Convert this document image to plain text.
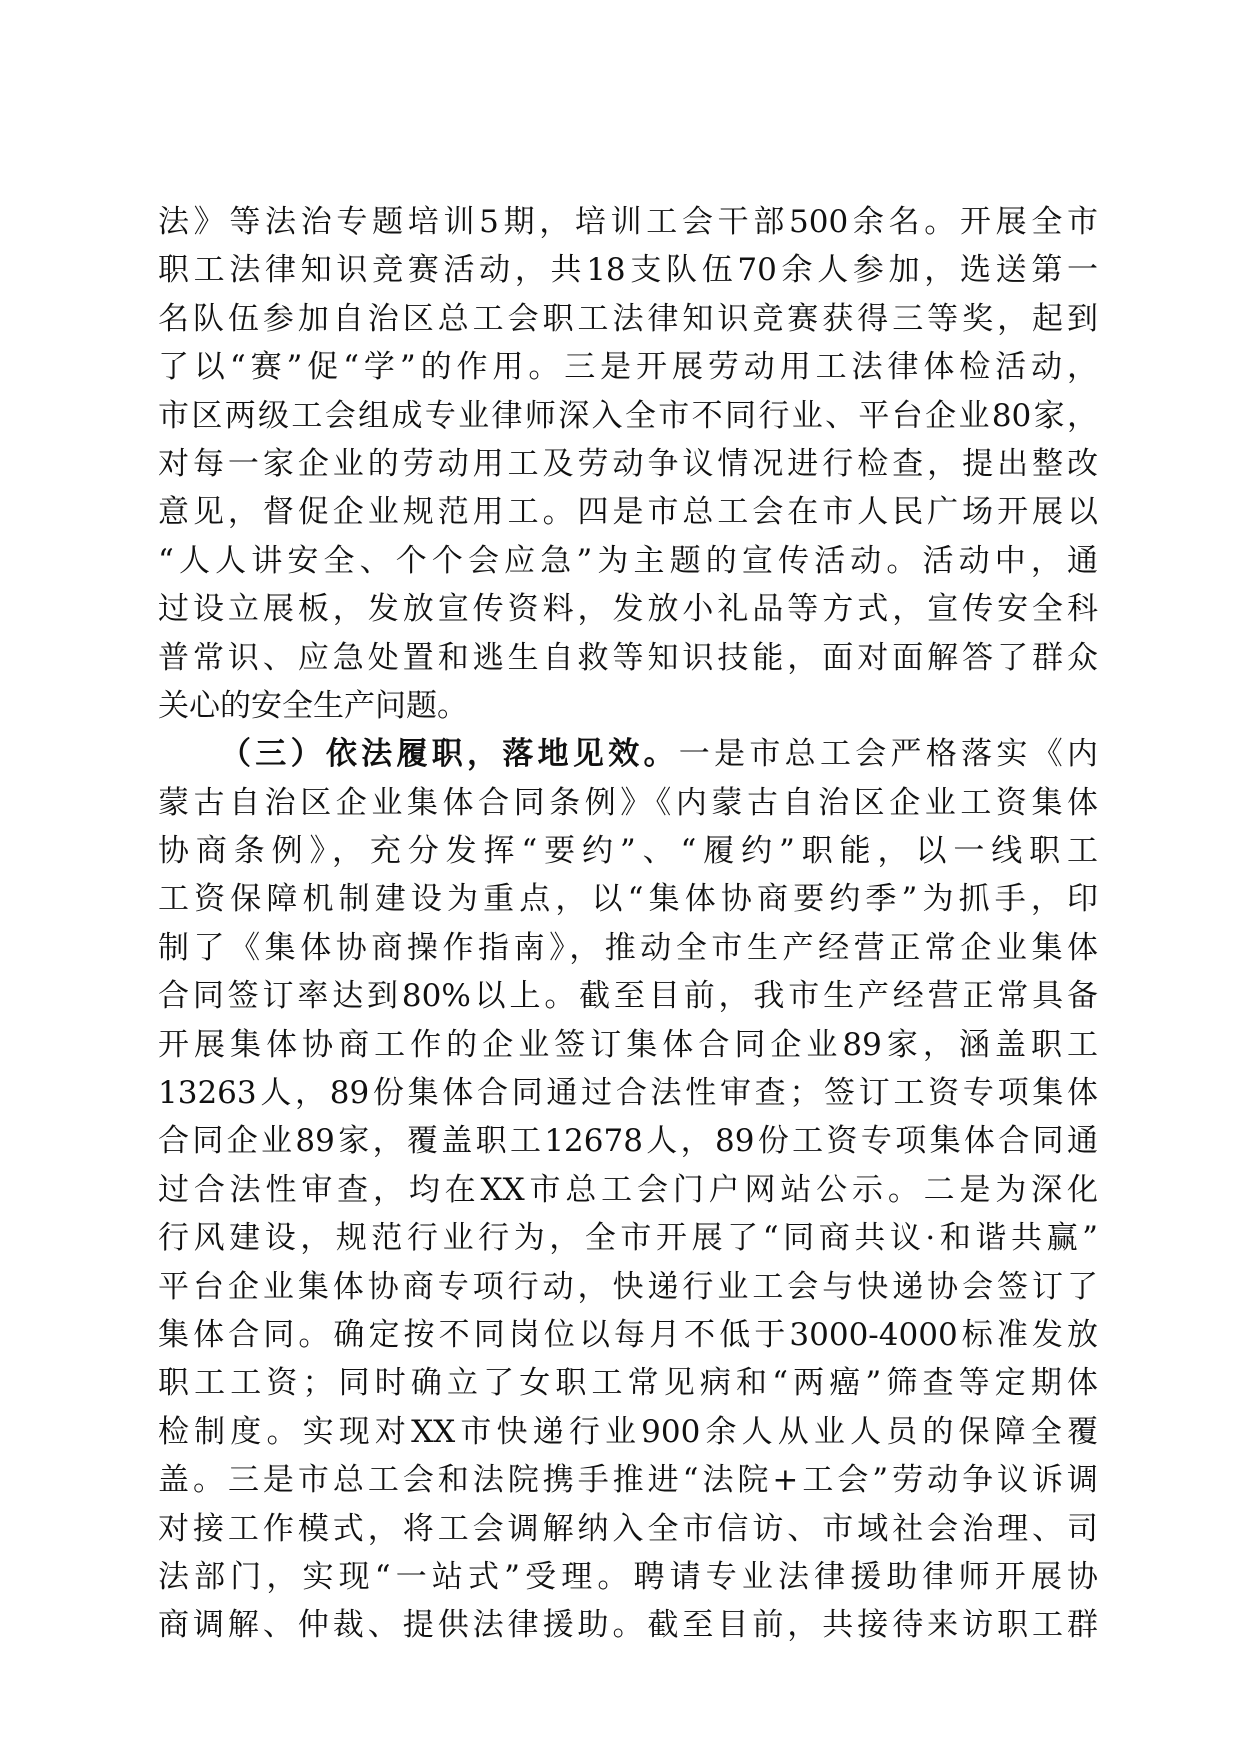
法》等法治专题培训5期，培训工会干部500余名。开展全市
职工法律知识竞赛活动，共18支队伍70余人参加，选送第一
名队伍参加自治区总工会职工法律知识竞赛获得三等奖，起到
了以“赛”促“学”的作用。三是开展劳动用工法律体检活动，
市区两级工会组成专业律师深入全市不同行业、平台企业80家，
对每一家企业的劳动用工及劳动争议情况进行检查，提出整改
意见，督促企业规范用工。四是市总工会在市人民广场开展以
“人人讲安全、个个会应急”为主题的宣传活动。活动中，通
过设立展板，发放宣传资料，发放小礼品等方式，宣传安全科
普常识、应急处置和逃生自救等知识技能，面对面解答了群众
关心的安全生产问题。
（三）依法履职，落地见效。一是市总工会严格落实《内
蒙古自治区企业集体合同条例》《内蒙古自治区企业工资集体
协商条例》，充分发挥“要约”、“履约”职能，以一线职工
工资保障机制建设为重点，以“集体协商要约季”为抓手，印
制了《集体协商操作指南》，推动全市生产经营正常企业集体
合同签订率达到80%以上。截至目前，我市生产经营正常具备
开展集体协商工作的企业签订集体合同企业89家，涵盖职工
13263人，89份集体合同通过合法性审查；签订工资专项集体
合同企业89家，覆盖职工12678人，89份工资专项集体合同通
过合法性审查，均在XX市总工会门户网站公示。二是为深化
行风建设，规范行业行为，全市开展了“同商共议·和谐共赢”
平台企业集体协商专项行动，快递行业工会与快递协会签订了
集体合同。确定按不同岗位以每月不低于3000-4000标准发放
职工工资；同时确立了女职工常见病和“两癌”筛查等定期体
检制度。实现对XX市快递行业900余人从业人员的保障全覆
盖。三是市总工会和法院携手推进“法院+工会”劳动争议诉调
对接工作模式，将工会调解纳入全市信访、市域社会治理、司
法部门，实现“一站式”受理。聘请专业法律援助律师开展协
商调解、仲裁、提供法律援助。截至目前，共接待来访职工群
